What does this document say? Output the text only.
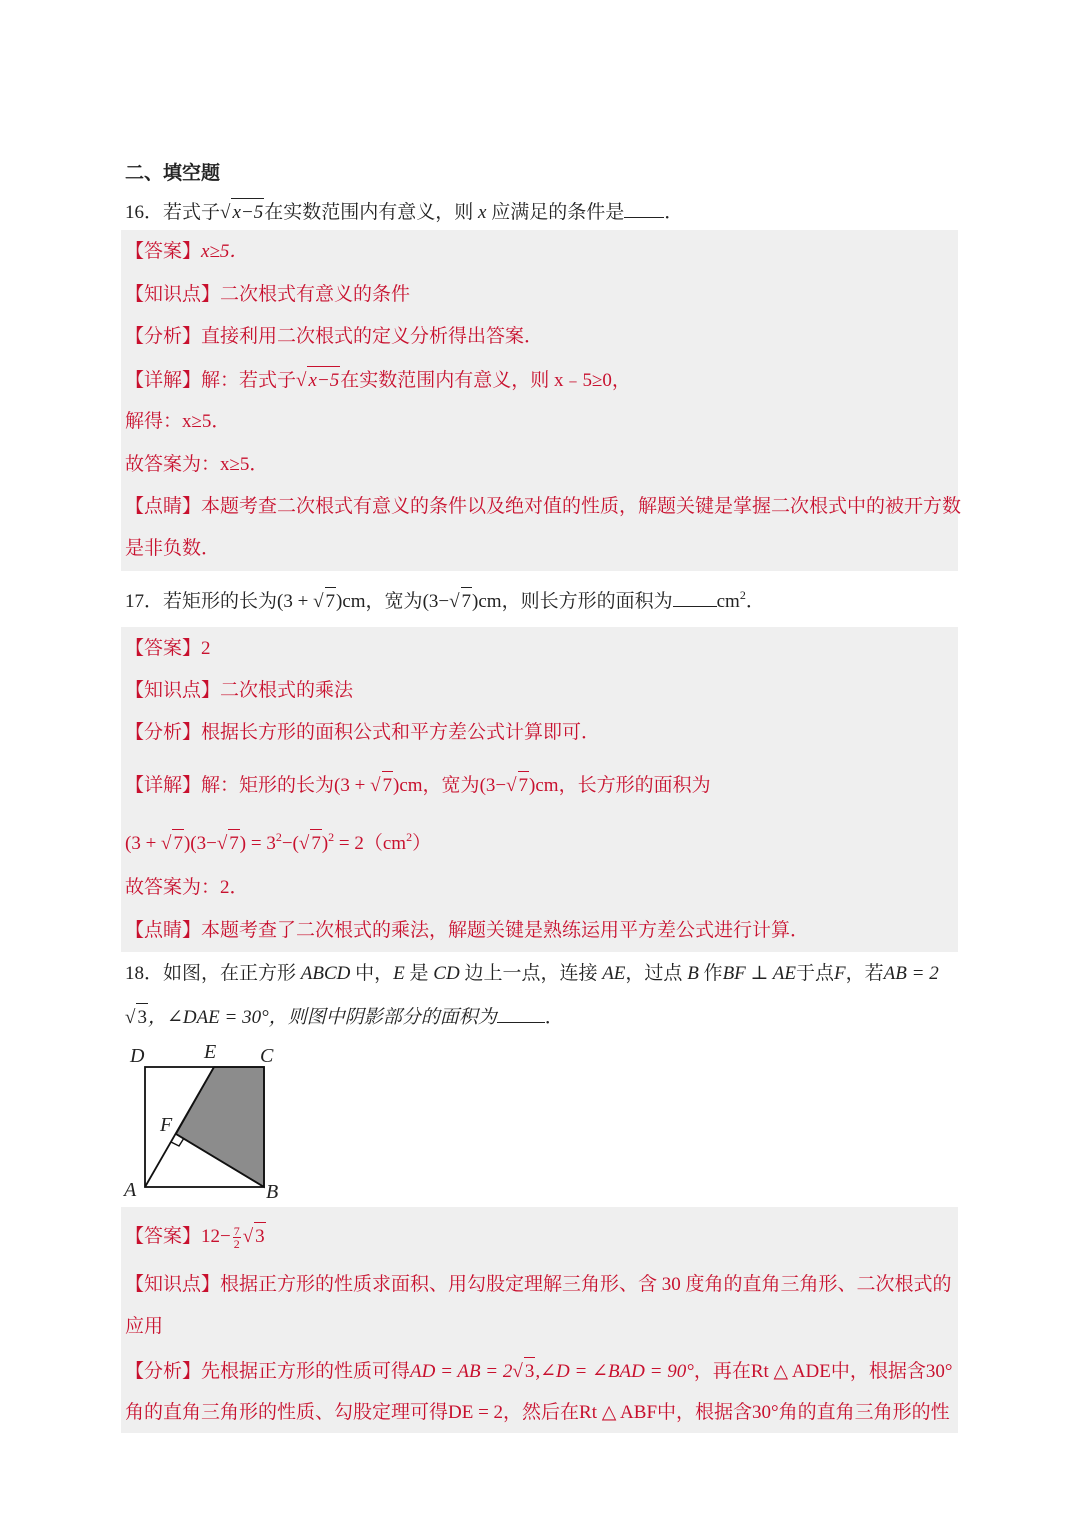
二、填空题
16．若式子√ x−5在实数范围内有意义，则 x 应满足的条件是 ．
【答案】x≥5．
【知识点】二次根式有意义的条件
【分析】直接利用二次根式的定义分析得出答案．
【详解】解：若式子√ x−5在实数范围内有意义，则 x﹣5≥0，
解得：x≥5．
故答案为：x≥5．
【点睛】本题考查二次根式有意义的条件以及绝对值的性质，解题关键是掌握二次根式中的被开方数
是非负数．
17．若矩形的长为(3 + √ 7)cm，宽为(3−√ 7)cm，则长方形的面积为 $cm^2$．
【答案】2
【知识点】二次根式的乘法
【分析】根据长方形的面积公式和平方差公式计算即可．
【详解】解：矩形的长为(3 + √ 7)cm，宽为(3−√ 7)cm，长方形的面积为
(3 + √ 7)(3−√ $7) = 3^2-(√$ $7)^2 = 2(cm^2)$
故答案为：2．
【点睛】本题考查了二次根式的乘法，解题关键是熟练运用平方差公式进行计算．
18．如图，在正方形 ABCD 中，E 是 CD 边上一点，连接 AE，过点 B 作BF ⊥ AE于点F，若AB = 2
√ 3，∠DAE = 30°，则图中阴影部分的面积为	．
D	E C
F
A	B
【答案】$12- \frac{7}{2}$ √ 3
【知识点】根据正方形的性质求面积、用勾股定理解三角形、含 30 度角的直角三角形、二次根式的
应用
【分析】先根据正方形的性质可得AD = AB = 2√ 3,∠D = ∠BAD = 90°，再在Rt △ ADE中，根据含30°
角的直角三角形的性质、勾股定理可得DE = 2，然后在Rt △ ABF中，根据含30°角的直角三角形的性
